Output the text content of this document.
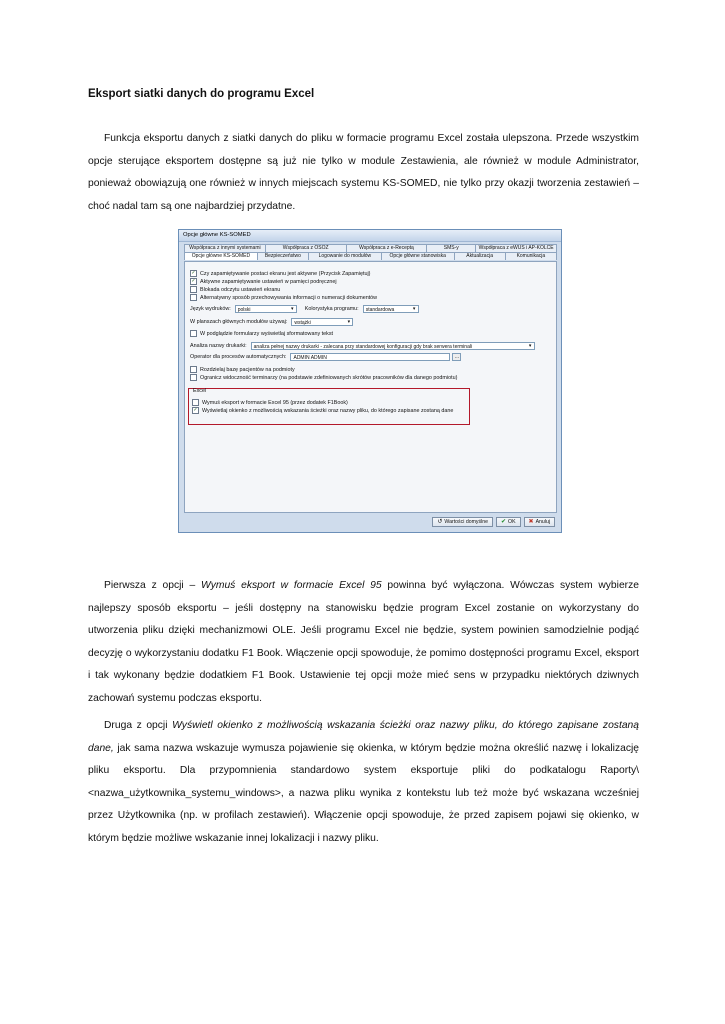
Eksport siatki danych do programu Excel

Funkcja eksportu danych z siatki danych do pliku w formacie programu Excel została ulepszona. Przede wszystkim opcje sterujące eksportem dostępne są już nie tylko w module Zestawienia, ale również w module Administrator, ponieważ obowiązują one również w innych miejscach systemu KS-SOMED, nie tylko przy okazji tworzenia zestawień – choć nadal tam są one najbardziej przydatne.

Opcje główne KS-SOMED
Współpraca z innymi systemami	Współpraca z OSOZ	Współpraca z e-Receptą	SMS-y	Współpraca z eWUŚ i AP-KOLCE
Opcje główne KS-SOMED	Bezpieczeństwo	Logowanie do modułów	Opcje główne stanowiska	Aktualizacja	Komunikacja
✓ Czy zapamiętywanie postaci ekranu jest aktywne (Przycisk Zapamiętuj)
✓ Aktywne zapamiętywanie ustawień w pamięci podręcznej
Blokada odczytu ustawień ekranu
Alternatywny sposób przechowywania informacji o numeracji dokumentów
Język wydruków:	polski	▾	Kolorystyka programu:	standardowa	▾
W planszach głównych modułów używaj:	wstążki	▾
W podglądzie formularzy wyświetlaj sformatowany tekst
Analiza nazwy drukarki:	analiza pełnej nazwy drukarki - zalecana przy standardowej konfiguracji gdy brak serwera terminali	▾
Operator dla procesów automatycznych:	ADMIN ADMIN	...
Rozdzielaj bazę pacjentów na podmioty
Ogranicz widoczność terminarzy (na podstawie zdefiniowanych skrótów pracowników dla danego podmiotu)
Excel
Wymuś eksport w formacie Excel 95 (przez dodatek F1Book)
✓ Wyświetlaj okienko z możliwością wskazania ścieżki oraz nazwy pliku, do którego zapisane zostaną dane
↺ Wartości domyślne ✔ OK ✖ Anuluj

Pierwsza z opcji – Wymuś eksport w formacie Excel 95 powinna być wyłączona. Wówczas system wybierze najlepszy sposób eksportu – jeśli dostępny na stanowisku będzie program Excel zostanie on wykorzystany do utworzenia pliku dzięki mechanizmowi OLE. Jeśli programu Excel nie będzie, system powinien samodzielnie podjąć decyzję o wykorzystaniu dodatku F1 Book. Włączenie opcji spowoduje, że pomimo dostępności programu Excel, eksport i tak wykonany będzie dodatkiem F1 Book. Ustawienie tej opcji może mieć sens w przypadku niektórych dziwnych zachowań systemu podczas eksportu.

Druga z opcji Wyświetl okienko z możliwością wskazania ścieżki oraz nazwy pliku, do którego zapisane zostaną dane, jak sama nazwa wskazuje wymusza pojawienie się okienka, w którym będzie można określić nazwę i lokalizację pliku eksportu. Dla przypomnienia standardowo system eksportuje pliki do podkatalogu Raporty\<nazwa_użytkownika_systemu_windows>, a nazwa pliku wynika z kontekstu lub też może być wskazana wcześniej przez Użytkownika (np. w profilach zestawień). Włączenie opcji spowoduje, że przed zapisem pojawi się okienko, w którym będzie możliwe wskazanie innej lokalizacji i nazwy pliku.
